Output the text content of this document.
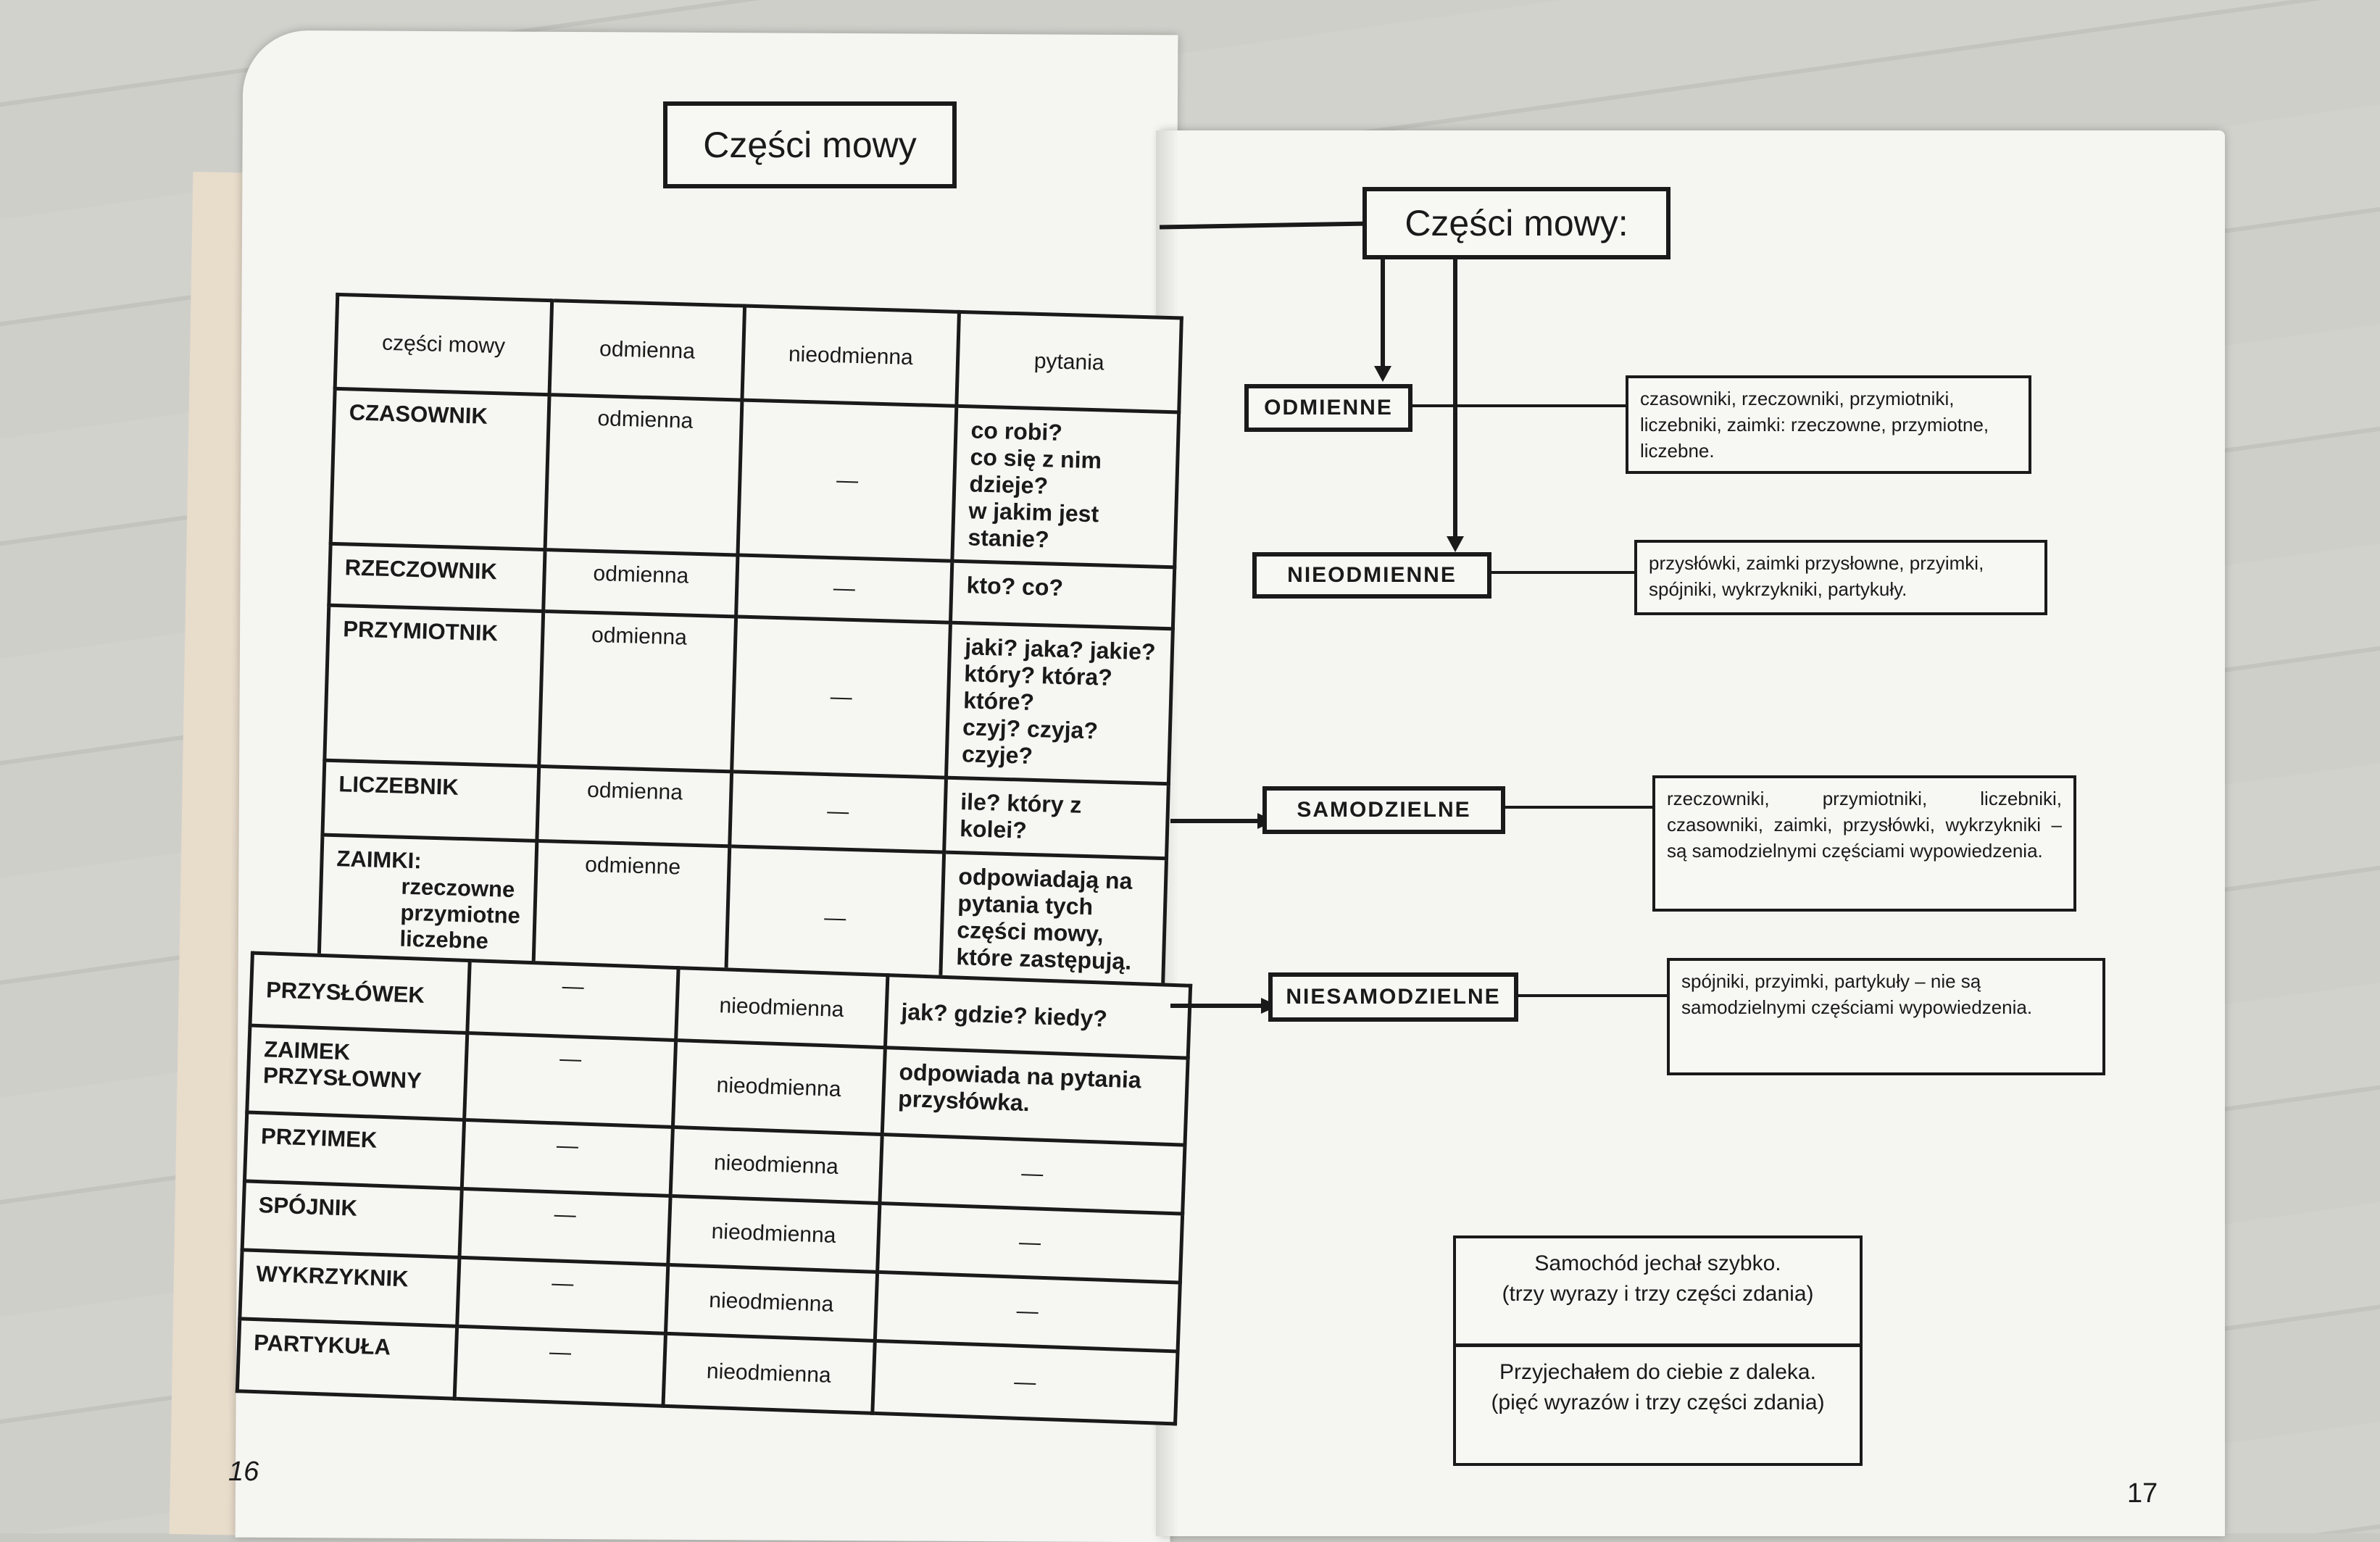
Części mowy
części mowy	odmienna	nieodmienna	pytania
CZASOWNIK	odmienna	—	co robi?
co się z nim dzieje?
w jakim jest stanie?
RZECZOWNIK	odmienna	—	kto? co?
PRZYMIOTNIK	odmienna	—	jaki? jaka? jakie?
który? która? które?
czyj? czyja? czyje?
LICZEBNIK	odmienna	—	ile? który z kolei?
ZAIMKI:
rzeczowne
przymiotne
liczebne	odmienne	—	odpowiadają na pytania tych części mowy, które zastępują.
PRZYSŁÓWEK	—	nieodmienna	jak? gdzie? kiedy?
ZAIMEK
PRZYSŁOWNY	—	nieodmienna	odpowiada na pytania przysłówka.
PRZYIMEK	—	nieodmienna	—
SPÓJNIK	—	nieodmienna	—
WYKRZYKNIK	—	nieodmienna	—
PARTYKUŁA	—	nieodmienna	—
16
Części mowy:
ODMIENNE
NIEODMIENNE
SAMODZIELNE
NIESAMODZIELNE
czasowniki, rzeczowniki, przymiotniki, liczebniki, zaimki: rzeczowne, przymiotne, liczebne.
przysłówki, zaimki przysłowne, przyimki, spójniki, wykrzykniki, partykuły.
rzeczowniki, przymiotniki, liczebniki, czasowniki, zaimki, przysłówki, wykrzykniki – są samodzielnymi częściami wypowiedzenia.
spójniki, przyimki, partykuły – nie są samodzielnymi częściami wypowiedzenia.
Samochód jechał szybko.
(trzy wyrazy i trzy części zdania)
Przyjechałem do ciebie z daleka.
(pięć wyrazów i trzy części zdania)
17
